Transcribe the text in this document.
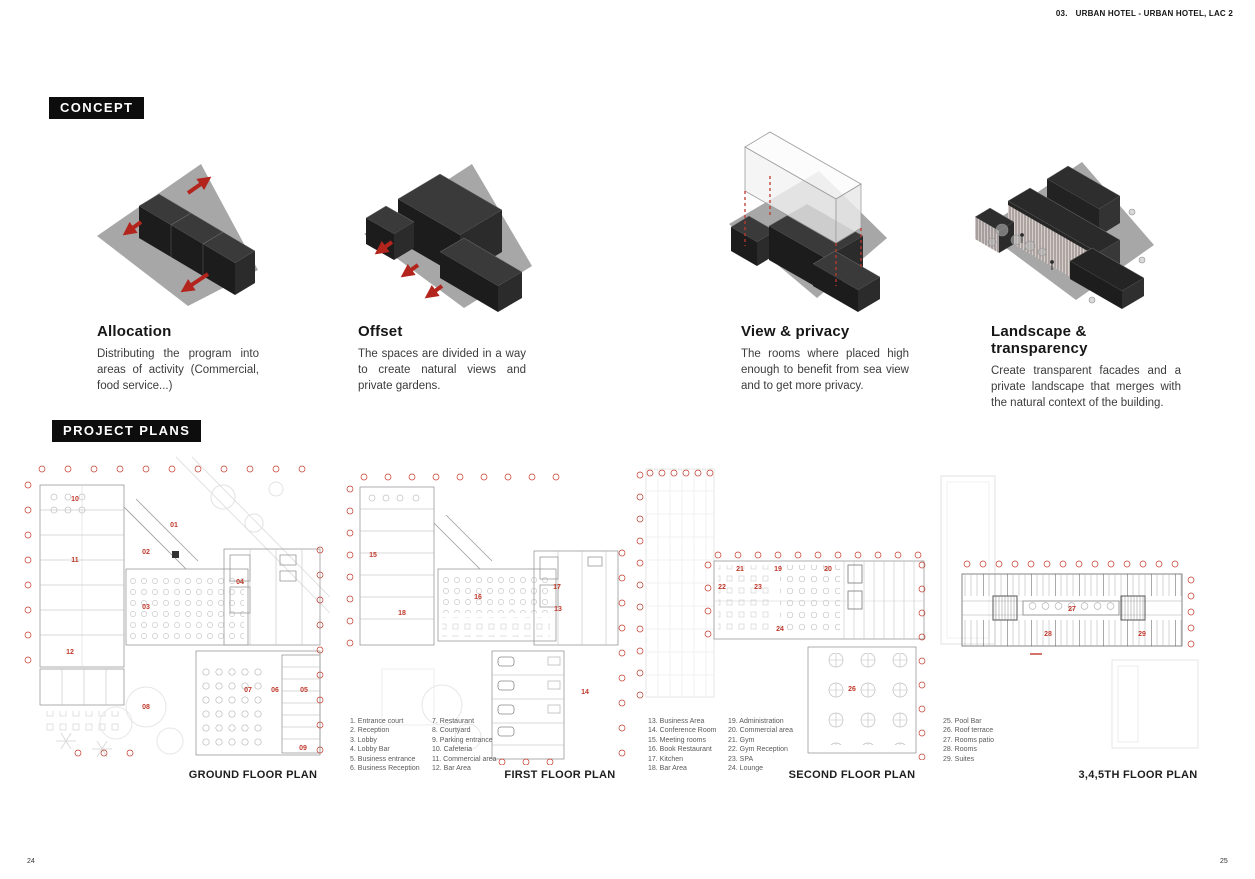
03. URBAN HOTEL - URBAN HOTEL, LAC 2
CONCEPT
Allocation

Distributing the program into areas of activity (Commercial, food service...)

Offset

The spaces are divided in a way to create natural views and private gardens.

View & privacy

The rooms where placed high enough to benefit from sea view and to get more privacy.

Landscape & transparency

Create transparent facades and a private landscape that merges with the natural context of the building.

PROJECT PLANS
10
01
02
11
03
04
12
08
07	06	05
09
15
18
16
17
13
14
19	20
21
22	23
24
26
27
28	29
1. Entrance court
2. Reception
3. Lobby
4. Lobby Bar
5. Business entrance
6. Business Reception
7. Restaurant
8. Courtyard
9. Parking entrance
10. Cafeteria
11. Commercial area
12. Bar Area
13. Business Area
14. Conference Room
15. Meeting rooms
16. Book Restaurant
17. Kitchen
18. Bar Area
19. Administration
20. Commercial area
21. Gym
22. Gym Reception
23. SPA
24. Lounge
25. Pool Bar
26. Roof terrace
27. Rooms patio
28. Rooms
29. Suites
GROUND FLOOR PLAN	FIRST FLOOR PLAN	SECOND FLOOR PLAN	3,4,5TH FLOOR PLAN
24	25
